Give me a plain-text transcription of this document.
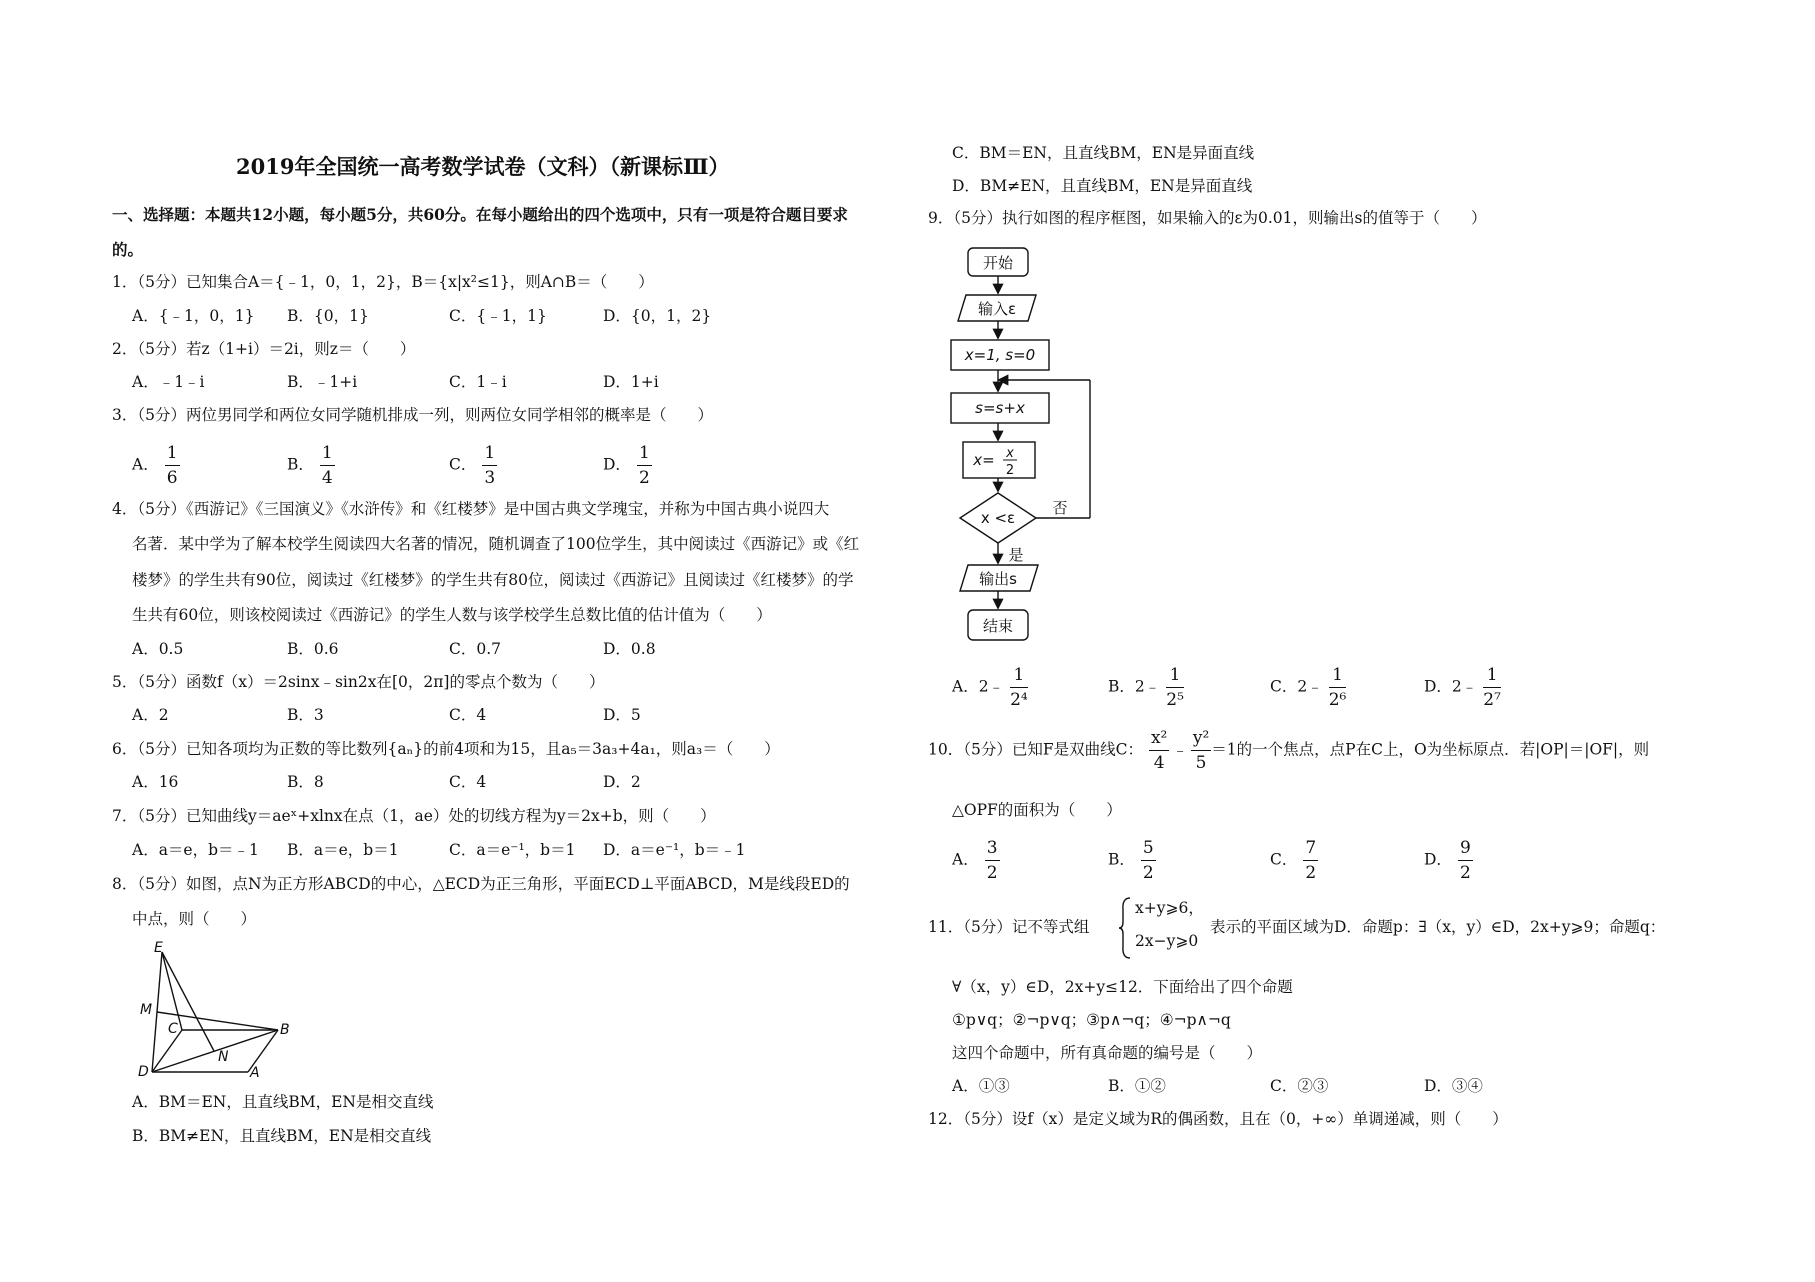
2019年全国统一高考数学试卷（文科）（新课标Ⅲ）
一、选择题：本题共12小题，每小题5分，共60分。在每小题给出的四个选项中，只有一项是符合题目要求
的。
1．（5分）已知集合A＝{﹣1，0，1，2}，B＝{x|x²≤1}，则A∩B＝（　　）
A．{﹣1，0，1} B．{0，1}	C．{﹣1，1}	D．{0，1，2}
2．（5分）若z（1+i）＝2i，则z＝（　　）
A．﹣1﹣i	B．﹣1+i	C．1﹣i	D．1+i
3．（5分）两位男同学和两位女同学随机排成一列，则两位女同学相邻的概率是（　　）
A． $\frac{1}{6}$	B． $\frac{1}{4}$	C． $\frac{1}{3}$	D． $\frac{1}{2}$
4．（5分）《西游记》《三国演义》《水浒传》和《红楼梦》是中国古典文学瑰宝，并称为中国古典小说四大
名著．某中学为了解本校学生阅读四大名著的情况，随机调查了100位学生，其中阅读过《西游记》或《红
楼梦》的学生共有90位，阅读过《红楼梦》的学生共有80位，阅读过《西游记》且阅读过《红楼梦》的学
生共有60位，则该校阅读过《西游记》的学生人数与该学校学生总数比值的估计值为（　　）
A．0.5	B．0.6	C．0.7	D．0.8
5．（5分）函数f（x）＝2sinx﹣sin2x在[0，2π]的零点个数为（　　）
A．2	B．3	C．4	D．5
6．（5分）已知各项均为正数的等比数列{aₙ}的前4项和为15，且a₅＝3a₃+4a₁，则a₃＝（　　）
A．16	B．8	C．4	D．2
7．（5分）已知曲线y＝aeˣ+xlnx在点（1，ae）处的切线方程为y＝2x+b，则（　　）
A．a＝e，b＝﹣1 B．a＝e，b＝1	C．a＝e⁻¹，b＝1 D．a＝e⁻¹，b＝﹣1
8．（5分）如图，点N为正方形ABCD的中心，△ECD为正三角形，平面ECD⊥平面ABCD，M是线段ED的
中点，则（　　）
E
M
C	B
N
D	A
A．BM＝EN，且直线BM，EN是相交直线
B．BM≠EN，且直线BM，EN是相交直线
C．BM＝EN，且直线BM，EN是异面直线
D．BM≠EN，且直线BM，EN是异面直线
9．（5分）执行如图的程序框图，如果输入的ε为0.01，则输出s的值等于（　　）
开始
输入ε
x=1, s=0
s=s+x
x= x
2
x <ε
否
是
输出s
结束
A．2﹣ $\frac{1}{\text{2⁴}}$	B．2﹣ $\frac{1}{\text{2⁵}}$	C．2﹣ $\frac{1}{\text{2⁶}}$	D．2﹣ $\frac{1}{\text{2⁷}}$
10．（5分）已知F是双曲线C： $\frac{\text{x²}}{4}$ ﹣ $\frac{\text{y²}}{5} =1$的一个焦点，点P在C上，O为坐标原点．若|OP|＝|OF|，则
△OPF的面积为（　　）
A． $\frac{3}{2}$	B． $\frac{5}{2}$	C． $\frac{7}{2}$	D． $\frac{9}{2}$
11．（5分）记不等式组
x+y⩾6，
2x−y⩾0
表示的平面区域为D．命题p：∃（x，y）∈D，2x+y⩾9；命题q：
∀（x，y）∈D，2x+y≤12．下面给出了四个命题
①p∨q；②¬p∨q；③p∧¬q；④¬p∧¬q
这四个命题中，所有真命题的编号是（　　）
A．①③	B．①②	C．②③	D．③④
12．（5分）设f（x）是定义域为R的偶函数，且在（0，+∞）单调递减，则（　　）
